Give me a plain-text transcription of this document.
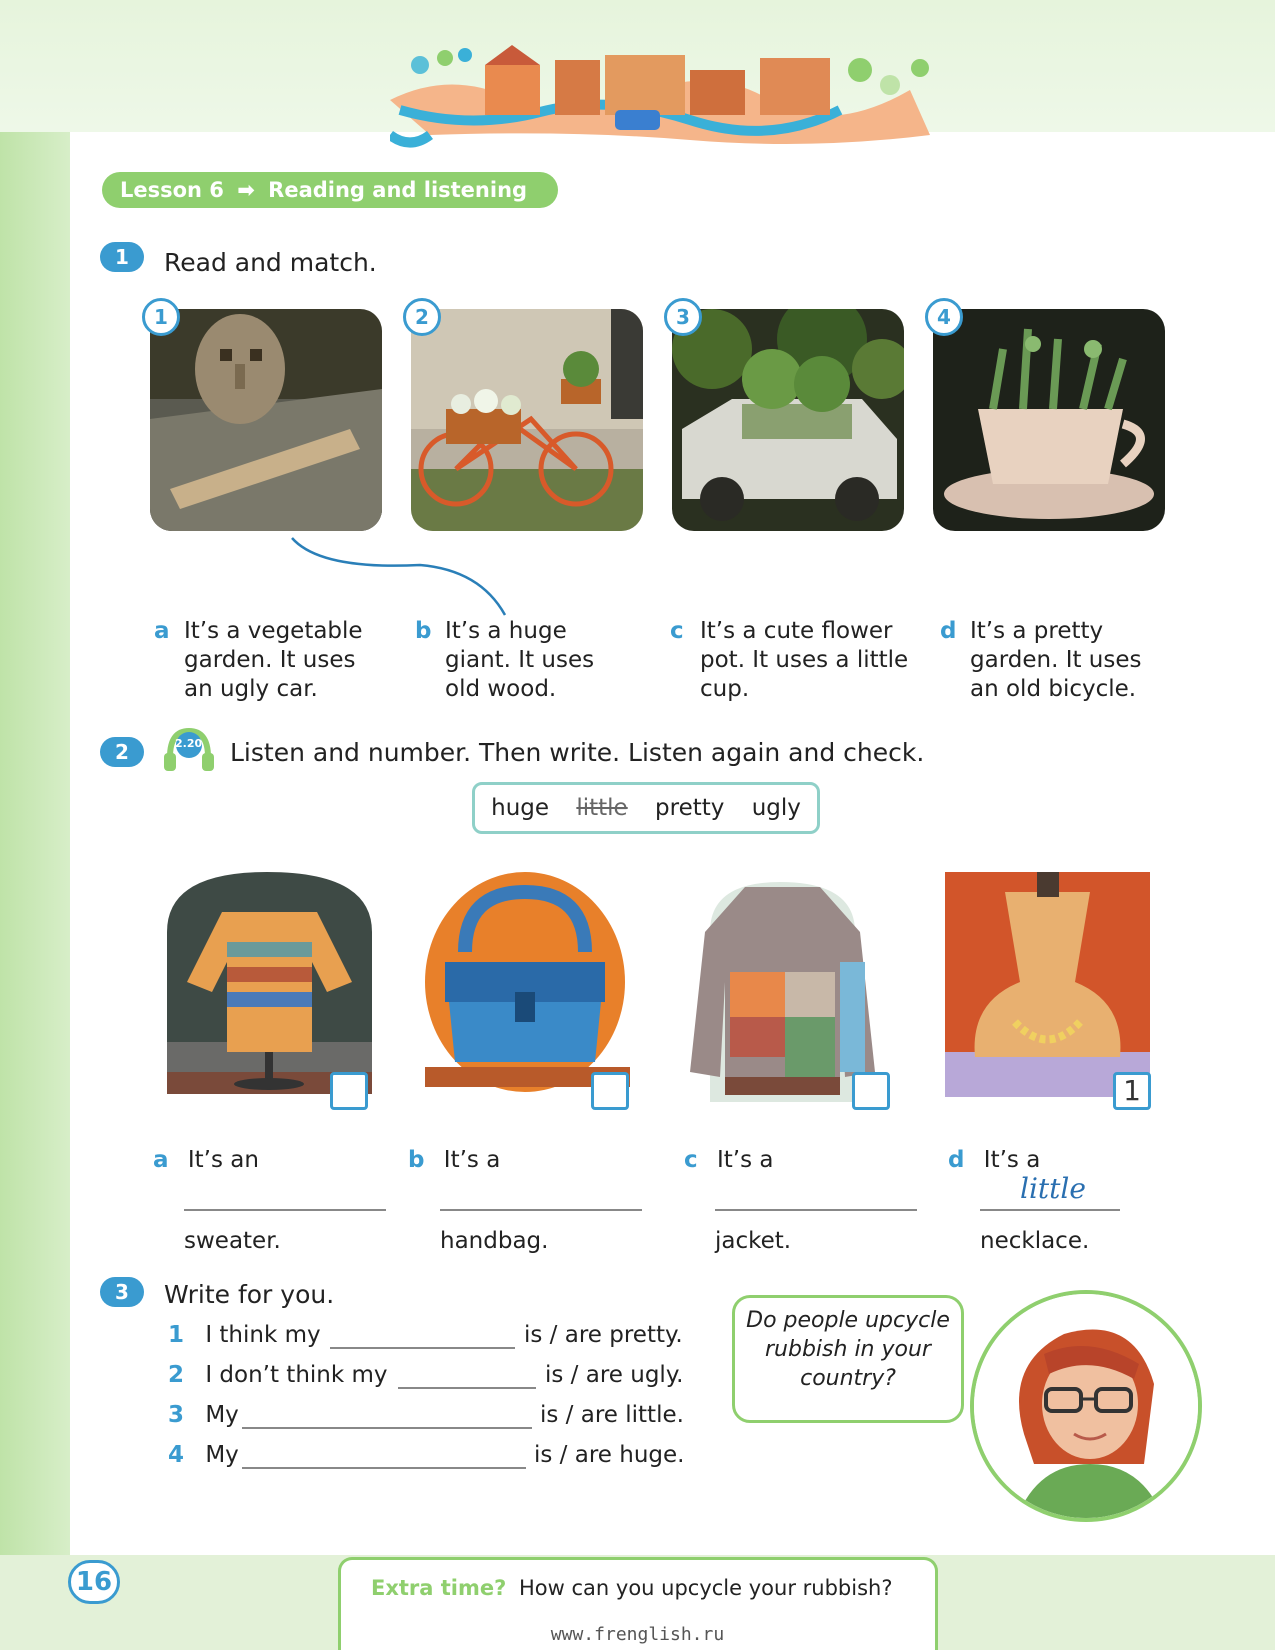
Lesson 6 ➡ Reading and listening
1	Read and match.
1	2	3	4
a It’s a vegetable garden. It uses an ugly car.
b It’s a huge giant. It uses old wood.
c It’s a cute flower pot. It uses a little cup.
d It’s a pretty garden. It uses an old bicycle.
2	2.20 Listen and number. Then write. Listen again and check.
huge little pretty ugly
1
a It’s an
sweater.
b It’s a
handbag.
c It’s a
jacket.
d It’s a
little
necklace.
3	Write for you.
1 I think my	is / are pretty.
2 I don’t think my	is / are ugly.
3 My	is / are little.
4 My	is / are huge.
Do people upcycle rubbish in your country?
16	Extra time? How can you upcycle your rubbish?
www.frenglish.ru
